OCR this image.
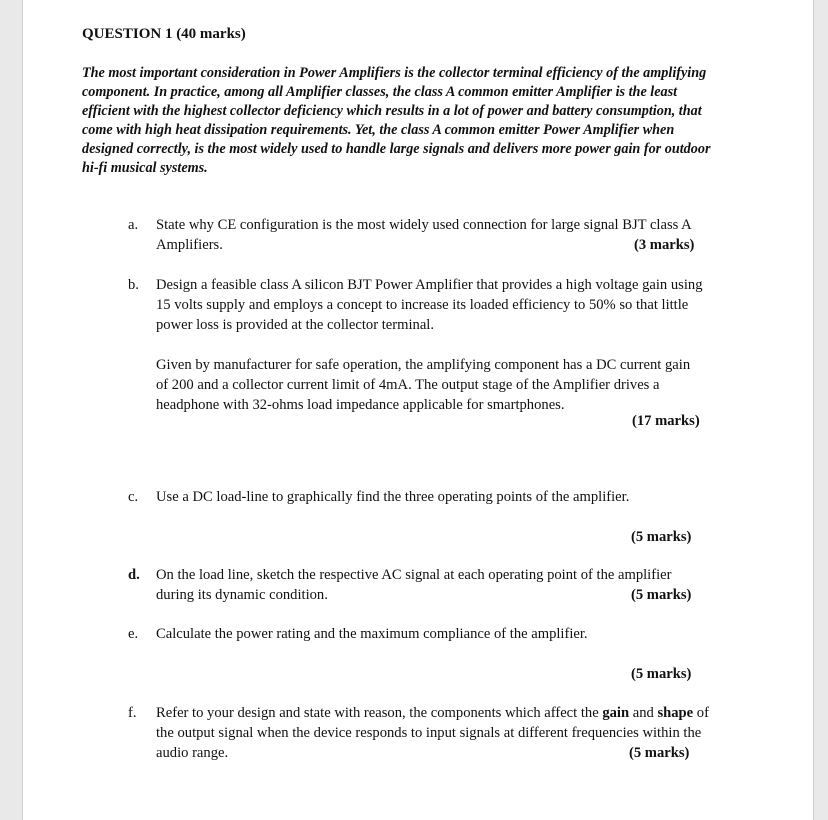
QUESTION 1 (40 marks)
The most important consideration in Power Amplifiers is the collector terminal efficiency of the amplifying component. In practice, among all Amplifier classes, the class A common emitter Amplifier is the least efficient with the highest collector deficiency which results in a lot of power and battery consumption, that come with high heat dissipation requirements. Yet, the class A common emitter Power Amplifier when designed correctly, is the most widely used to handle large signals and delivers more power gain for outdoor hi-fi musical systems.
a. State why CE configuration is the most widely used connection for large signal BJT class A Amplifiers.	(3 marks)
b. Design a feasible class A silicon BJT Power Amplifier that provides a high voltage gain using 15 volts supply and employs a concept to increase its loaded efficiency to 50% so that little power loss is provided at the collector terminal.
Given by manufacturer for safe operation, the amplifying component has a DC current gain of 200 and a collector current limit of 4mA. The output stage of the Amplifier drives a headphone with 32-ohms load impedance applicable for smartphones.
(17 marks)
c. Use a DC load-line to graphically find the three operating points of the amplifier.
(5 marks)
d. On the load line, sketch the respective AC signal at each operating point of the amplifier during its dynamic condition.	(5 marks)
e. Calculate the power rating and the maximum compliance of the amplifier.
(5 marks)
f. Refer to your design and state with reason, the components which affect the gain and shape of the output signal when the device responds to input signals at different frequencies within the audio range.	(5 marks)
